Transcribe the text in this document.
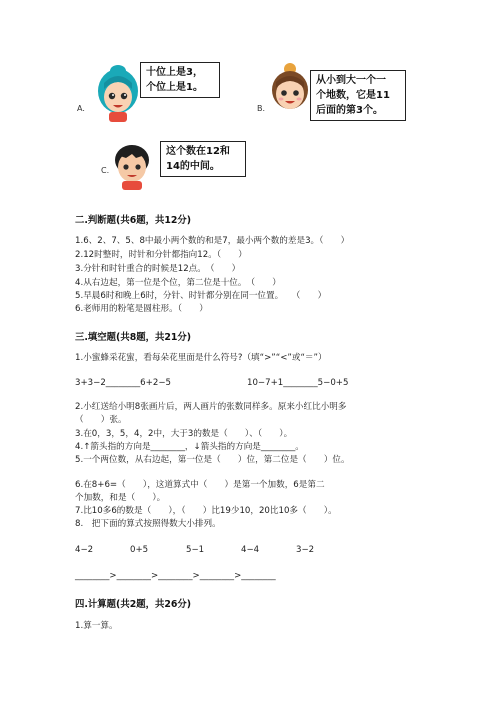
A.
十位上是3，
个位上是1。
B.
从小到大一个一
个地数，它是11
后面的第3个。
C.
这个数在12和
14的中间。
二.判断题(共6题，共12分)
1.6、2、7、5、8中最小两个数的和是7，最小两个数的差是3。（　　）
2.12时整时，时针和分针都指向12。（　　）
3.分针和时针重合的时候是12点。　（　　）
4.从右边起，第一位是个位，第二位是十位。　（　　）
5.早晨6时和晚上6时，分针、时针都分别在同一位置。　　（　　）
6.老师用的粉笔是圆柱形。（　　）
三.填空题(共8题，共21分)
1.小蜜蜂采花蜜，看每朵花里面是什么符号?（填“>”“<”或“＝”）
3+3−2________6+2−5	10−7+1________5−0+5
2.小红送给小明8张画片后，两人画片的张数同样多。原来小红比小明多
（　　）张。
3.在0，3，5，4，2中，大于3的数是（　　）、（　　）。
4.↑箭头指的方向是________，↓箭头指的方向是________。
5.一个两位数，从右边起，第一位是（　　）位，第二位是（　　）位。
6.在8+6=（　　），这道算式中（　　）是第一个加数，6是第二
个加数，和是（　　）。
7.比10多6的数是（　　），（　　）比19少10，20比10多（　　）。
8.　把下面的算式按照得数大小排列。
4−2	0+5	5−1	4−4	3−2
________>________>________>________>________
四.计算题(共2题，共26分)
1.算一算。
